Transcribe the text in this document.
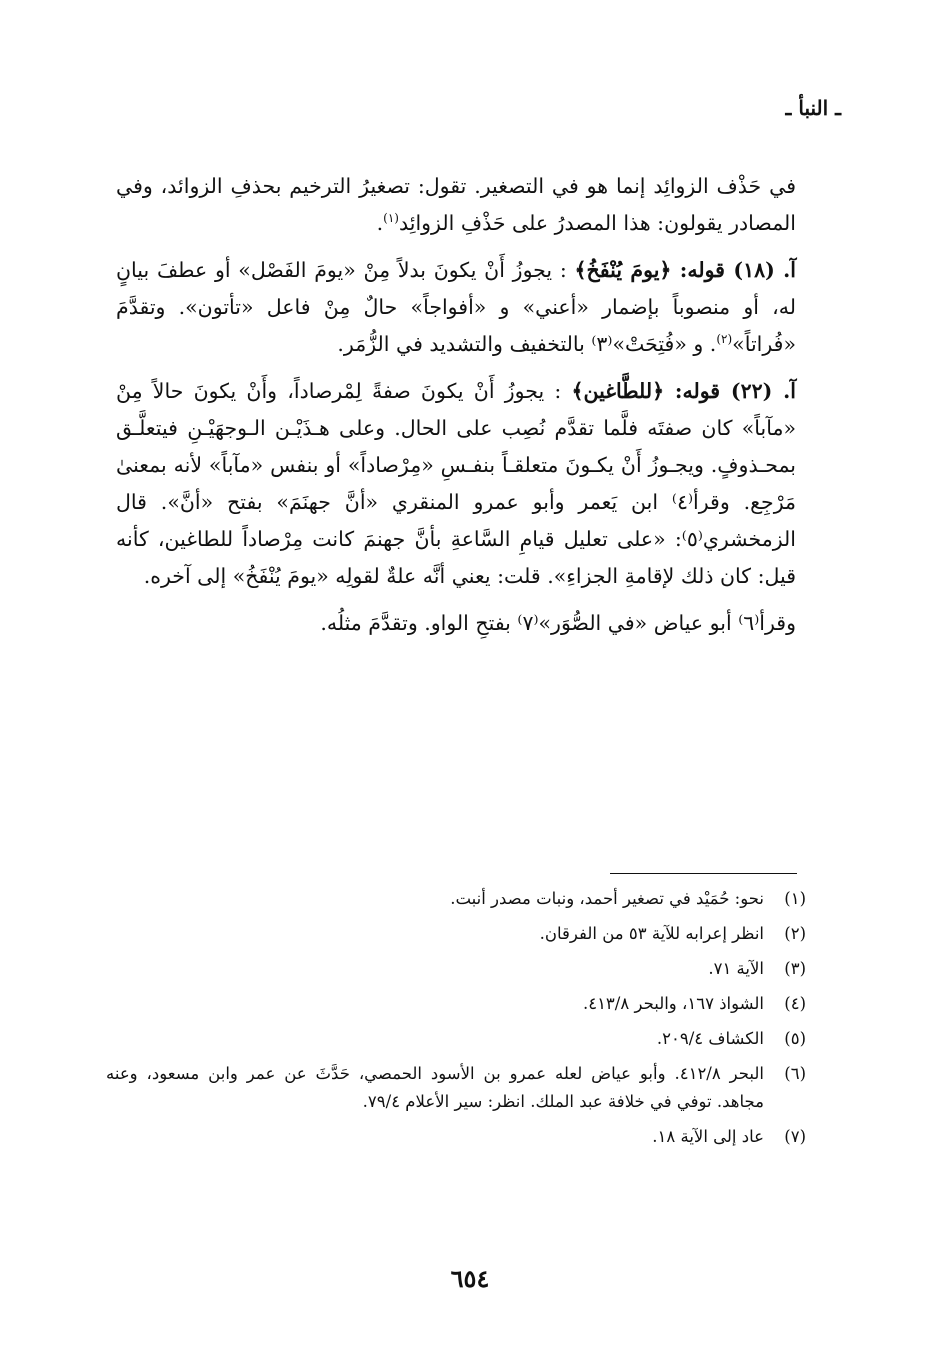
ـ النبأ ـ

في حَذْف الزوائِد إنما هو في التصغير. تقول: تصغيرُ الترخيم بحذفِ الزوائد، وفي المصادر يقولون: هذا المصدرُ على حَذْفِ الزوائِد$^{(١)}$.

آ. (١٨) قوله: ﴿يومَ يُنْفَخُ﴾ : يجوزُ أَنْ يكونَ بدلاً مِنْ «يومَ الفَصْل» أو عطفَ بيانٍ له، أو منصوباً بإضمار «أعني» و «أفواجاً» حالٌ مِنْ فاعل «تأتون». وتقدَّمَ «فُراتاً»$^{(٢)}$. و «فُتِحَتْ»⁽٣⁾ بالتخفيف والتشديد في الزُّمَر.

آ. (٢٢) قوله: ﴿للطَّاغين﴾ : يجوزُ أَنْ يكونَ صفةً لِمْرصاداً، وأَنْ يكونَ حالاً مِنْ «مآباً» كان صفتَه فلَّما تقدَّم نُصِب على الحال. وعلى هـذَيْـن الـوجهَيْـنِ فيتعلَّـق بمحـذوفٍ. ويجـوزُ أَنْ يكـونَ متعلقـاً بنفـسِ «مِرْصاداً» أو بنفس «مآباً» لأنه بمعنىٰ مَرْجِع. وقرأ⁽٤⁾ ابن يَعمر وأبو عمرو المنقري «أنَّ جهنَمَ» بفتح «أنَّ». قال الزمخشري⁽٥⁾: «على تعليل قيامِ السَّاعةِ بأنَّ جهنمَ كانت مِرْصاداً للطاغين، كأنه قيل: كان ذلك لإقامةِ الجزاءِ». قلت: يعني أنَّه علةٌ لقولِه «يومَ يُنْفَخُ» إلى آخره.

وقرأ⁽٦⁾ أبو عياض «في الصُّوَر»⁽٧⁾ بفتحِ الواو. وتقدَّمَ مثلُه.

(١)
نحو: حُمَيْد في تصغير أحمد، ونبات مصدر أنبت.
(٢)
انظر إعرابه للآية ٥٣ من الفرقان.
(٣)
الآية ٧١.
(٤)
الشواذ ١٦٧، والبحر ٤١٣/٨.
(٥)
الكشاف ٢٠٩/٤.
(٦)
البحر ٤١٢/٨. وأبو عياض لعله عمرو بن الأسود الحمصي، حَدَّثَ عن عمر وابن مسعود، وعنه مجاهد. توفي في خلافة عبد الملك. انظر: سير الأعلام ٧٩/٤.
(٧)
عاد إلى الآية ١٨.
٦٥٤
